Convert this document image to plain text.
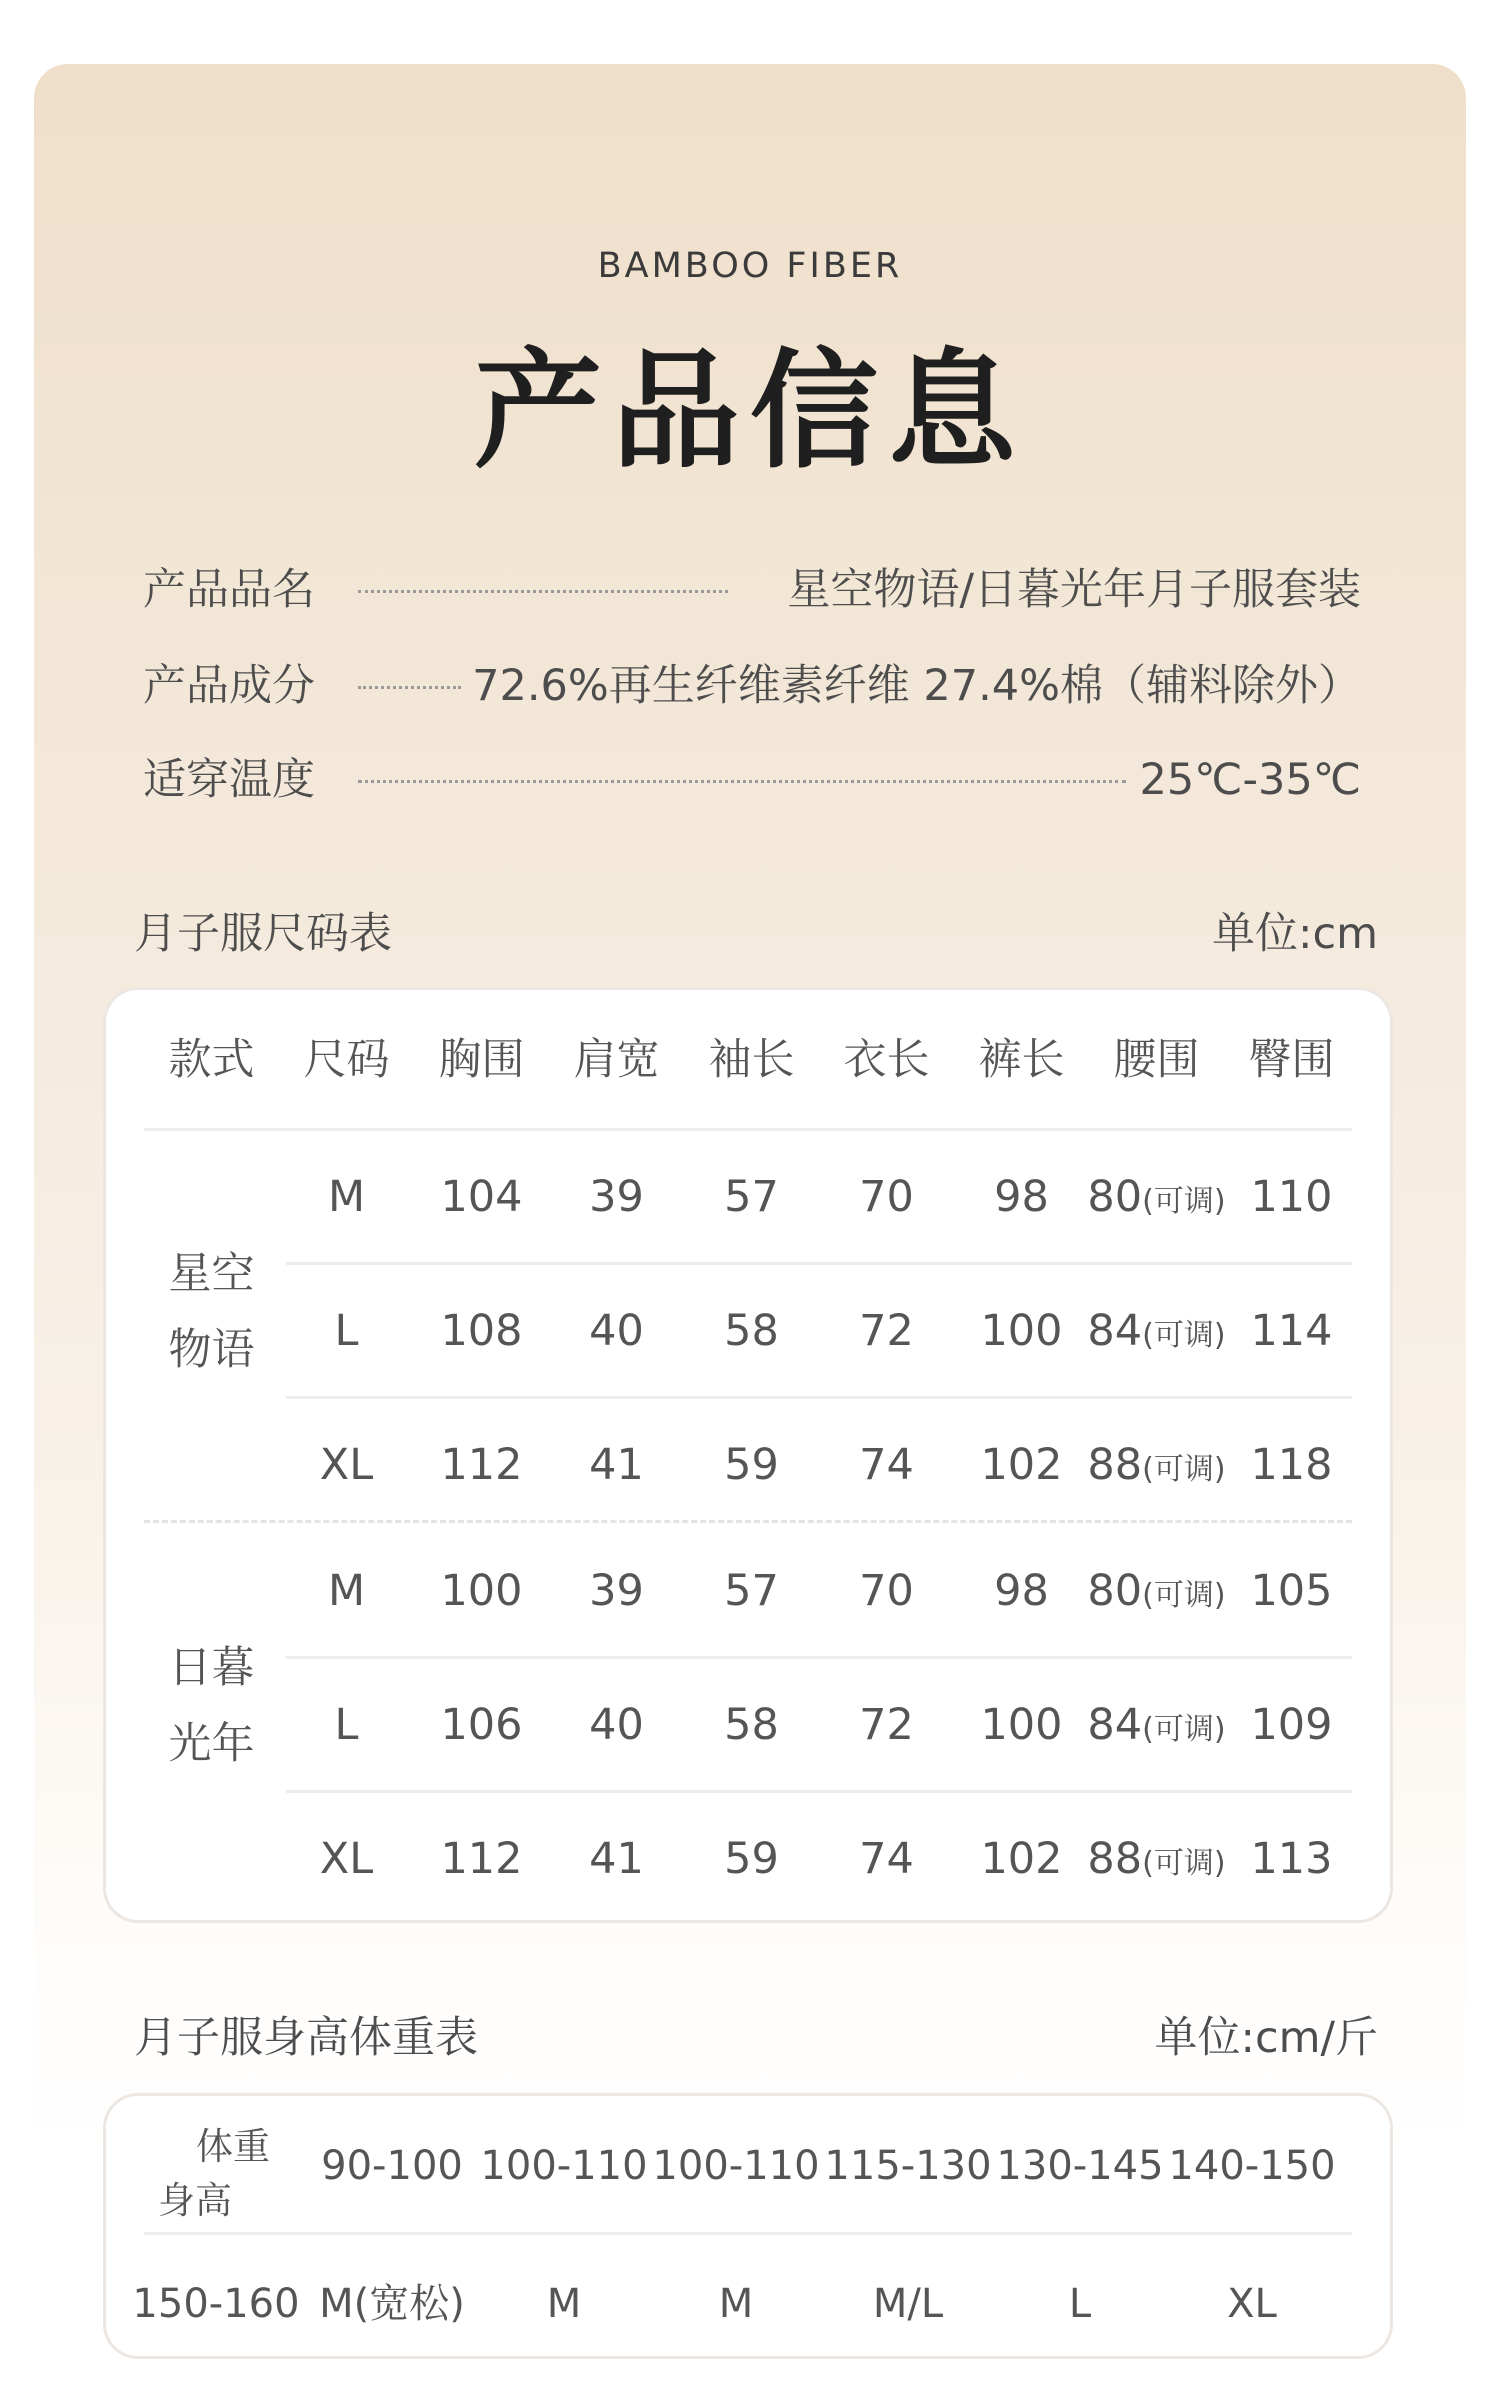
BAMBOO FIBER
产品信息
产品品名	星空物语/日暮光年月子服套装
产品成分	72.6%再生纤维素纤维 27.4%棉（辅料除外）
适穿温度	25℃-35℃
月子服尺码表	单位:cm
款式	尺码	胸围	肩宽	袖长	衣长	裤长	腰围	臀围
星空
物语
M	104	39	57	70	98 80(可调) 110
L	108	40	58	72	100 84(可调) 114
XL	112	41	59	74	102 88(可调) 118
日暮
光年
M	100	39	57	70	98 80(可调) 105
L	106	40	58	72	100 84(可调) 109
XL	112	41	59	74	102 88(可调) 113
月子服身高体重表	单位:cm/斤
体重
身高
90-100 100-110 100-110 115-130 130-145 140-150
150-160 M(宽松)	M	M	M/L	L	XL
